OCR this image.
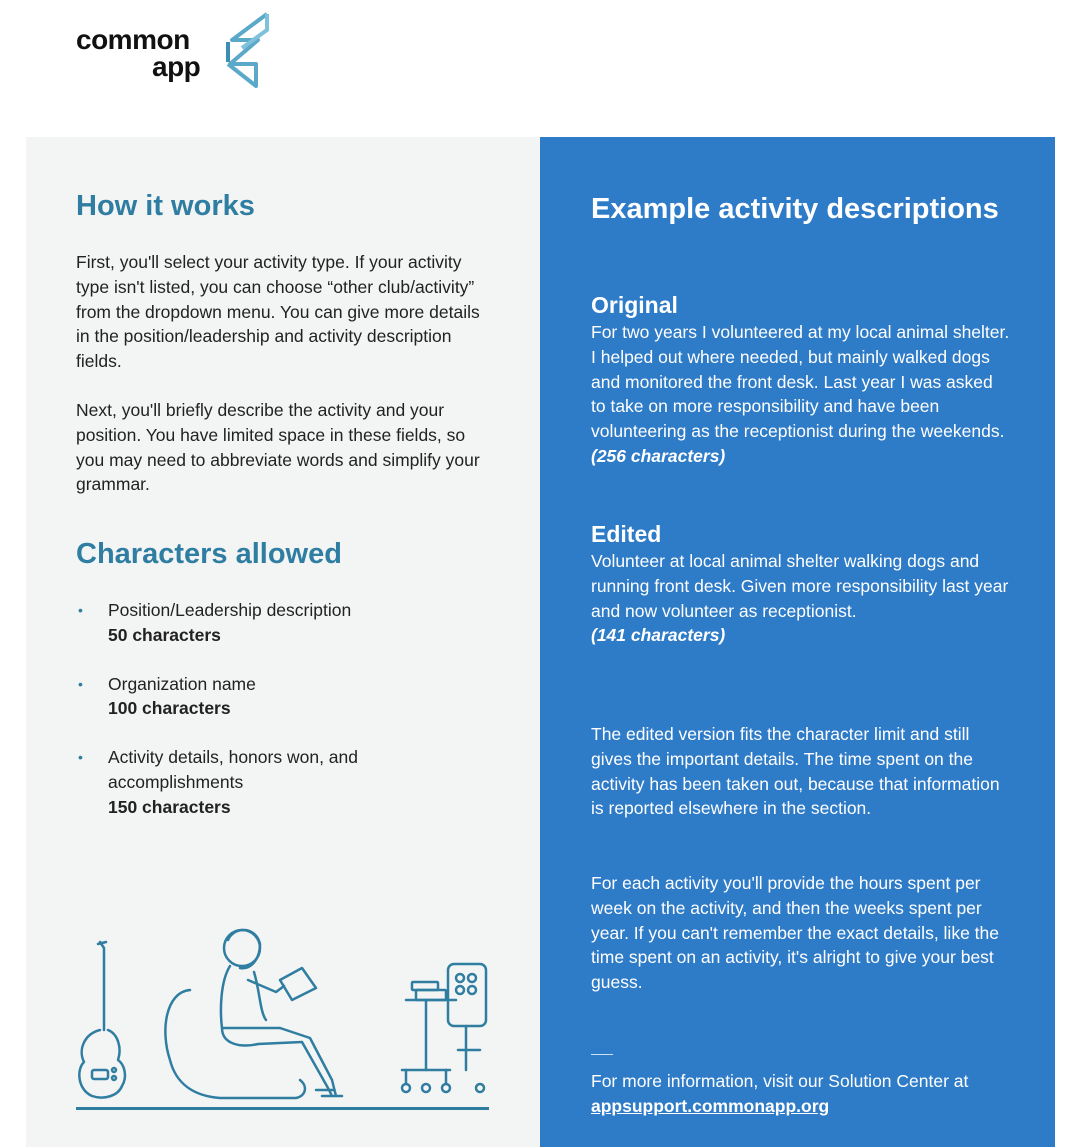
common
app
How it works

First, you'll select your activity type. If your activity type isn't listed, you can choose “other club/activity” from the dropdown menu. You can give more details in the position/leadership and activity description fields.

Next, you'll briefly describe the activity and your position. You have limited space in these fields, so you may need to abbreviate words and simplify your grammar.

Characters allowed
• Position/Leadership description
50 characters
• Organization name
100 characters
• Activity details, honors won, and accomplishments
150 characters
Example activity descriptions
Original

For two years I volunteered at my local animal shelter. I helped out where needed, but mainly walked dogs and monitored the front desk. Last year I was asked to take on more responsibility and have been volunteering as the receptionist during the weekends.
(256 characters)

Edited

Volunteer at local animal shelter walking dogs and running front desk. Given more responsibility last year and now volunteer as receptionist.
(141 characters)

The edited version fits the character limit and still gives the important details. The time spent on the activity has been taken out, because that information is reported elsewhere in the section.

For each activity you'll provide the hours spent per week on the activity, and then the weeks spent per year. If you can't remember the exact details, like the time spent on an activity, it's alright to give your best guess.

For more information, visit our Solution Center at appsupport.commonapp.org
